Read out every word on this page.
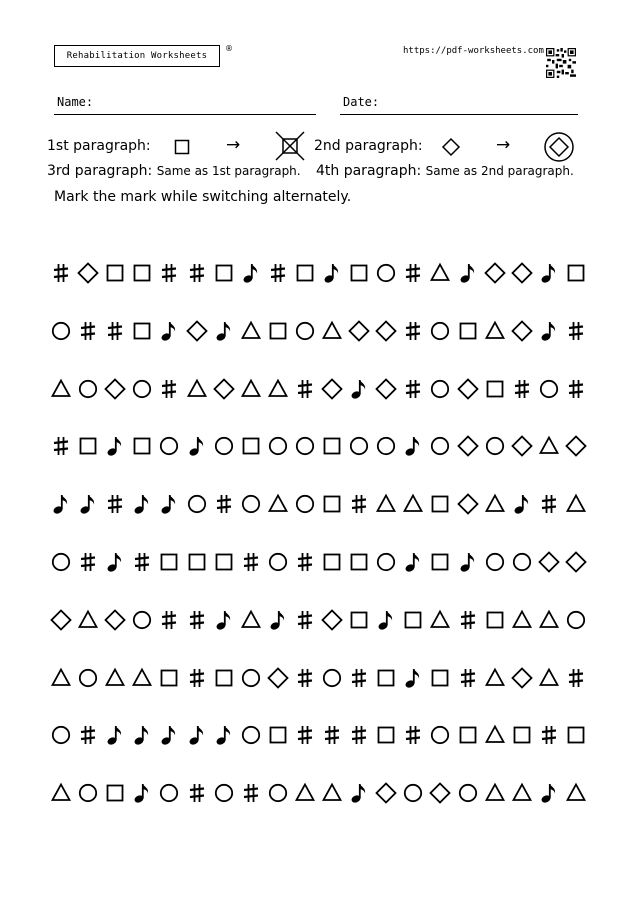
Rehabilitation Worksheets
®	https://pdf-worksheets.com
Name:	Date:
1st paragraph:	→	2nd paragraph:	→
3rd paragraph: Same as 1st paragraph. 4th paragraph: Same as 2nd paragraph.
Mark the mark while switching alternately.
